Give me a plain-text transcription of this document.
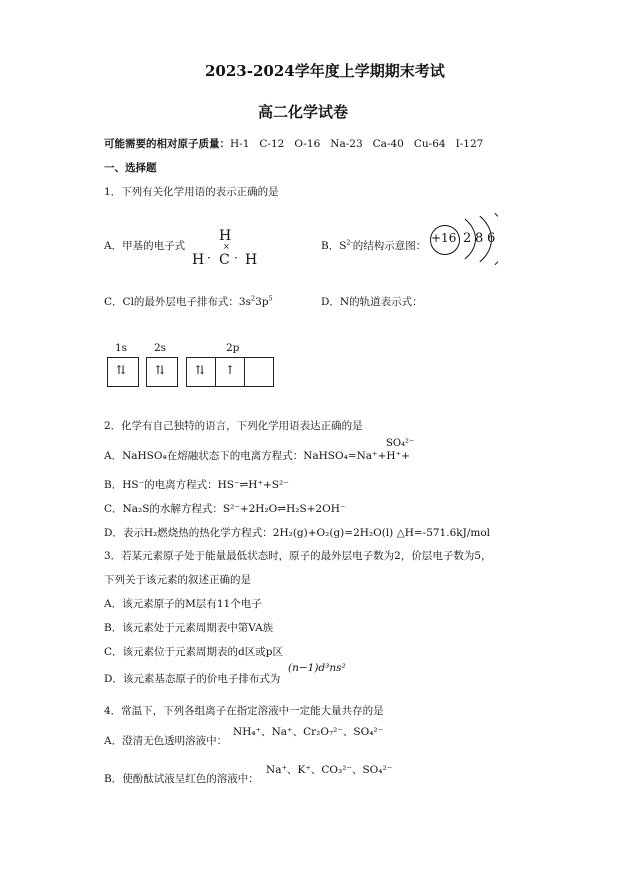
2023-2024学年度上学期期末考试
高二化学试卷
可能需要的相对原子质量：H-1   C-12   O-16   Na-23   Ca-40   Cu-64   I-127
一、选择题
1．下列有关化学用语的表示正确的是
A．甲基的电子式
H
×
H · C · H
B．$S^{2-}$的结构示意图：
+16 2 8 6
C．Cl的最外层电子排布式：$3s^23p^5$	D．N的轨道表示式：
1s	2s	2p
⇅ ⇅ ⇅ ↑
2．化学有自己独特的语言，下列化学用语表达正确的是
A．NaHSO₄在熔融状态下的电离方程式：NaHSO₄=Na⁺+H⁺+
SO₄²⁻
B．HS⁻的电离方程式：HS⁻⇌H⁺+S²⁻
C．Na₂S的水解方程式：S²⁻+2H₂O⇌H₂S+2OH⁻
D．表示H₂燃烧热的热化学方程式：2H₂(g)+O₂(g)=2H₂O(l) △H=-571.6kJ/mol
3．若某元素原子处于能量最低状态时，原子的最外层电子数为2，价层电子数为5，
下列关于该元素的叙述正确的是
A．该元素原子的M层有11个电子
B．该元素处于元素周期表中第VA族
C．该元素位于元素周期表的d区或p区
D．该元素基态原子的价电子排布式为
(n−1)d³ns²
4．常温下，下列各组离子在指定溶液中一定能大量共存的是
A．澄清无色透明溶液中：
NH₄⁺、Na⁺、Cr₂O₇²⁻、SO₄²⁻
B．使酚酞试液呈红色的溶液中：
Na⁺、K⁺、CO₃²⁻、SO₄²⁻
